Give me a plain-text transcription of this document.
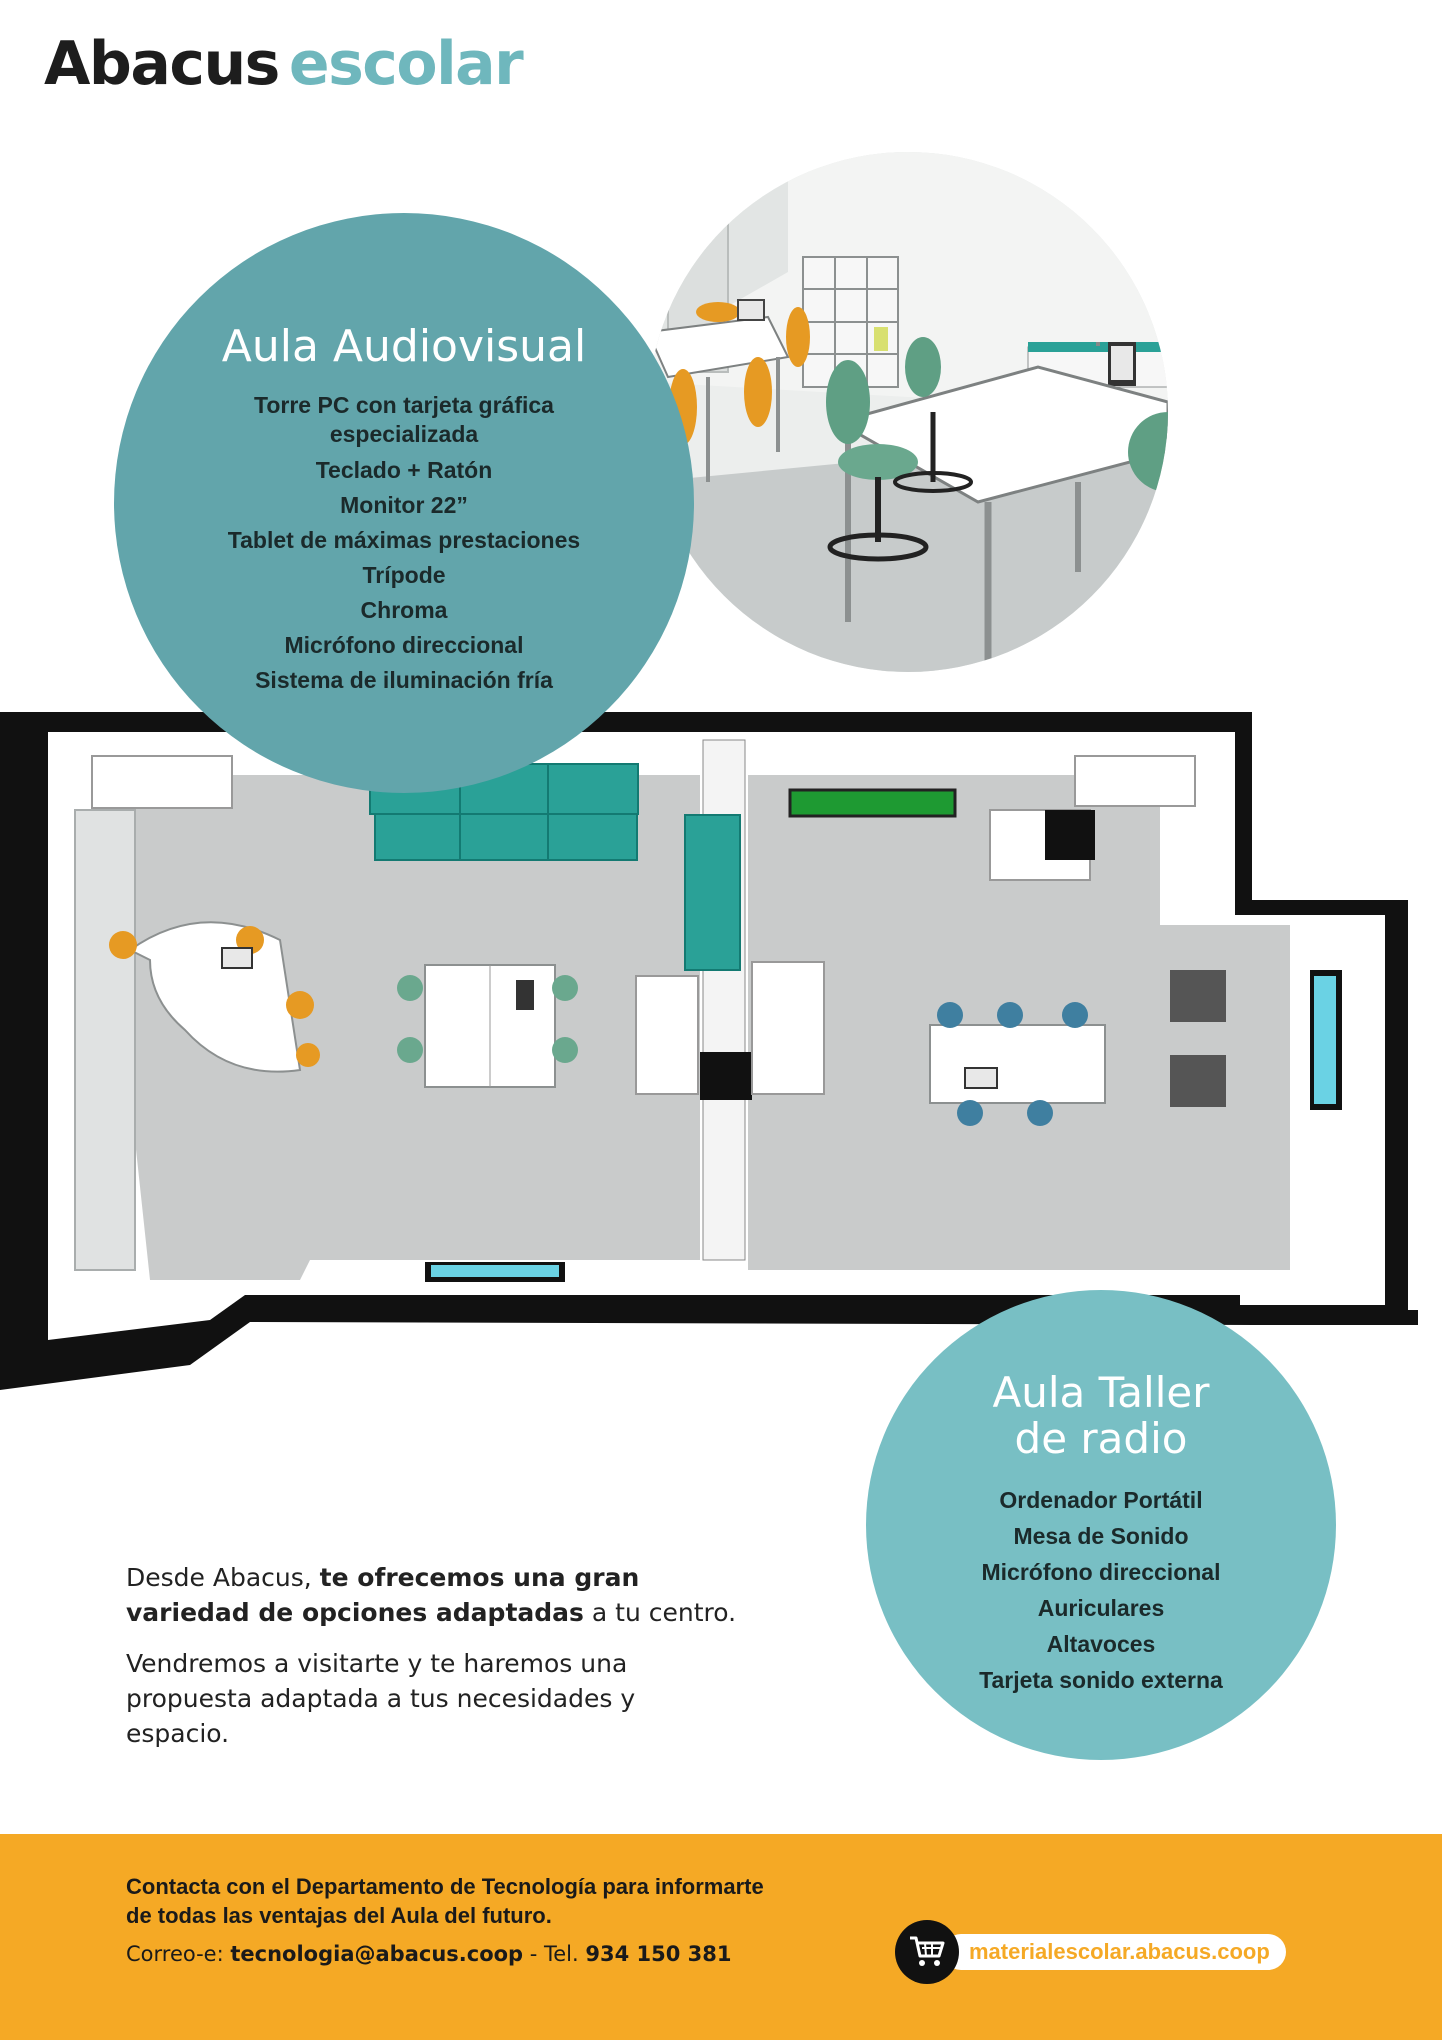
Abacus escolar
Aula Audiovisual
Torre PC con tarjeta gráfica especializada
Teclado + Ratón
Monitor 22”
Tablet de máximas prestaciones
Trípode
Chroma
Micrófono direccional
Sistema de iluminación fría
Aula Taller
de radio
Ordenador Portátil
Mesa de Sonido
Micrófono direccional
Auriculares
Altavoces
Tarjeta sonido externa

Desde Abacus, te ofrecemos una gran variedad de opciones adaptadas a tu centro.

Vendremos a visitarte y te haremos una propuesta adaptada a tus necesidades y espacio.

Contacta con el Departamento de Tecnología para informarte de todas las ventajas del Aula del futuro.
Correo-e: tecnologia@abacus.coop - Tel. 934 150 381	materialescolar.abacus.coop
